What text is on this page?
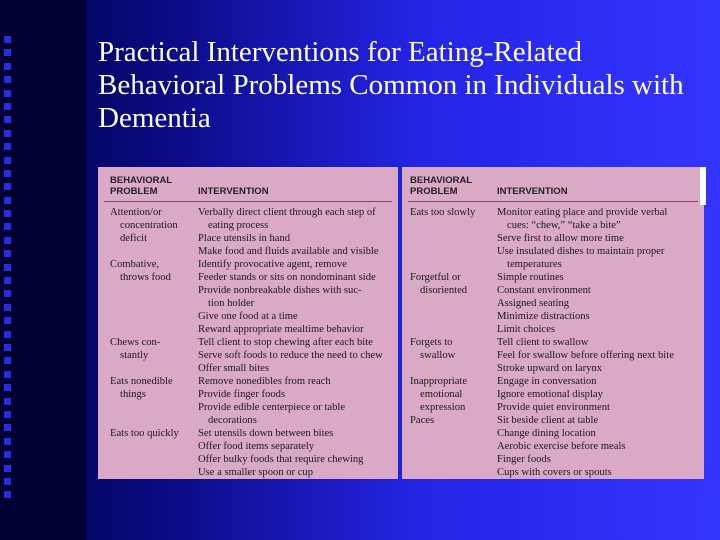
Practical Interventions for Eating-Related Behavioral Problems Common in Individuals with Dementia
BEHAVIORAL PROBLEM	INTERVENTION
Attention/or
concentration
deficit
Combative,
throws food
Chews con-
stantly
Eats nonedible
things
Eats too quickly
Verbally direct client through each step of
eating process
Place utensils in hand
Make food and fluids available and visible
Identify provocative agent, remove
Feeder stands or sits on nondominant side
Provide nonbreakable dishes with suc-
tion holder
Give one food at a time
Reward appropriate mealtime behavior
Tell client to stop chewing after each bite
Serve soft foods to reduce the need to chew
Offer small bites
Remove nonedibles from reach
Provide finger foods
Provide edible centerpiece or table
decorations
Set utensils down between bites
Offer food items separately
Offer bulky foods that require chewing
Use a smaller spoon or cup
BEHAVIORAL PROBLEM	INTERVENTION
Eats too slowly
Forgetful or
disoriented
Forgets to
swallow
Inappropriate
emotional
expression
Paces
Monitor eating place and provide verbal
cues: “chew,” “take a bite”
Serve first to allow more time
Use insulated dishes to maintain proper
temperatures
Simple routines
Constant environment
Assigned seating
Minimize distractions
Limit choices
Tell client to swallow
Feel for swallow before offering next bite
Stroke upward on larynx
Engage in conversation
Ignore emotional display
Provide quiet environment
Sit beside client at table
Change dining location
Aerobic exercise before meals
Finger foods
Cups with covers or spouts
